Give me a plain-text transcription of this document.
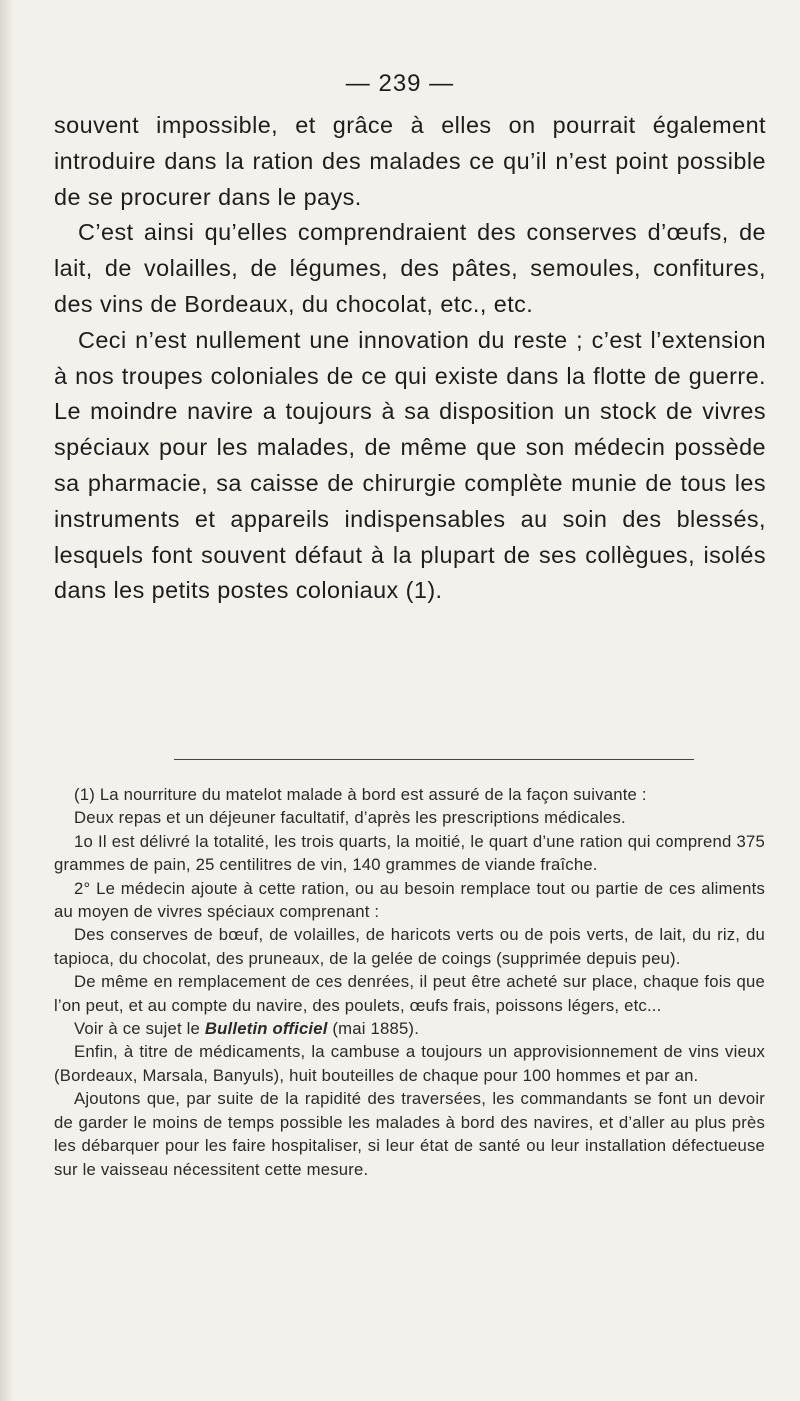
— 239 —

souvent impossible, et grâce à elles on pourrait également introduire dans la ration des malades ce qu’il n’est point possible de se procurer dans le pays.

C’est ainsi qu’elles comprendraient des conserves d’œufs, de lait, de volailles, de légumes, des pâtes, semoules, confitures, des vins de Bordeaux, du chocolat, etc., etc.

Ceci n’est nullement une innovation du reste ; c’est l’extension à nos troupes coloniales de ce qui existe dans la flotte de guerre. Le moindre navire a toujours à sa disposition un stock de vivres spéciaux pour les malades, de même que son médecin possède sa pharmacie, sa caisse de chirurgie complète munie de tous les instruments et appareils indispensables au soin des blessés, lesquels font souvent défaut à la plupart de ses collègues, isolés dans les petits postes coloniaux (1).

(1) La nourriture du matelot malade à bord est assuré de la façon suivante :

Deux repas et un déjeuner facultatif, d’après les prescriptions médicales.

1o Il est délivré la totalité, les trois quarts, la moitié, le quart d’une ration qui comprend 375 grammes de pain, 25 centilitres de vin, 140 grammes de viande fraîche.

2° Le médecin ajoute à cette ration, ou au besoin remplace tout ou partie de ces aliments au moyen de vivres spéciaux comprenant :

Des conserves de bœuf, de volailles, de haricots verts ou de pois verts, de lait, du riz, du tapioca, du chocolat, des pruneaux, de la gelée de coings (supprimée depuis peu).

De même en remplacement de ces denrées, il peut être acheté sur place, chaque fois que l’on peut, et au compte du navire, des poulets, œufs frais, poissons légers, etc...

Voir à ce sujet le Bulletin officiel (mai 1885).

Enfin, à titre de médicaments, la cambuse a toujours un approvisionnement de vins vieux (Bordeaux, Marsala, Banyuls), huit bouteilles de chaque pour 100 hommes et par an.

Ajoutons que, par suite de la rapidité des traversées, les commandants se font un devoir de garder le moins de temps possible les malades à bord des navires, et d’aller au plus près les débarquer pour les faire hospitaliser, si leur état de santé ou leur installation défectueuse sur le vaisseau nécessitent cette mesure.
